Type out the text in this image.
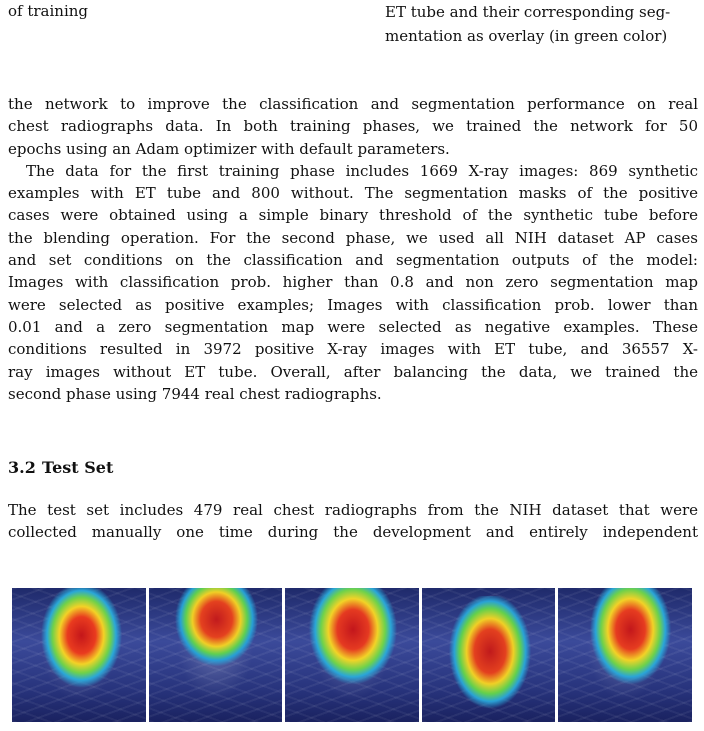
of training	ET tube and their corresponding seg-
mentation as overlay (in green color)
the network to improve the classification and segmentation performance on real
chest radiographs data. In both training phases, we trained the network for 50
epochs using an Adam optimizer with default parameters.
The data for the first training phase includes 1669 X-ray images: 869 synthetic
examples with ET tube and 800 without. The segmentation masks of the positive
cases were obtained using a simple binary threshold of the synthetic tube before
the blending operation. For the second phase, we used all NIH dataset AP cases
and set conditions on the classification and segmentation outputs of the model:
Images with classification prob. higher than 0.8 and non zero segmentation map
were selected as positive examples; Images with classification prob. lower than
0.01 and a zero segmentation map were selected as negative examples. These
conditions resulted in 3972 positive X-ray images with ET tube, and 36557 X-
ray images without ET tube. Overall, after balancing the data, we trained the
second phase using 7944 real chest radiographs.
3.2 Test Set
The test set includes 479 real chest radiographs from the NIH dataset that were
collected manually one time during the development and entirely independent
